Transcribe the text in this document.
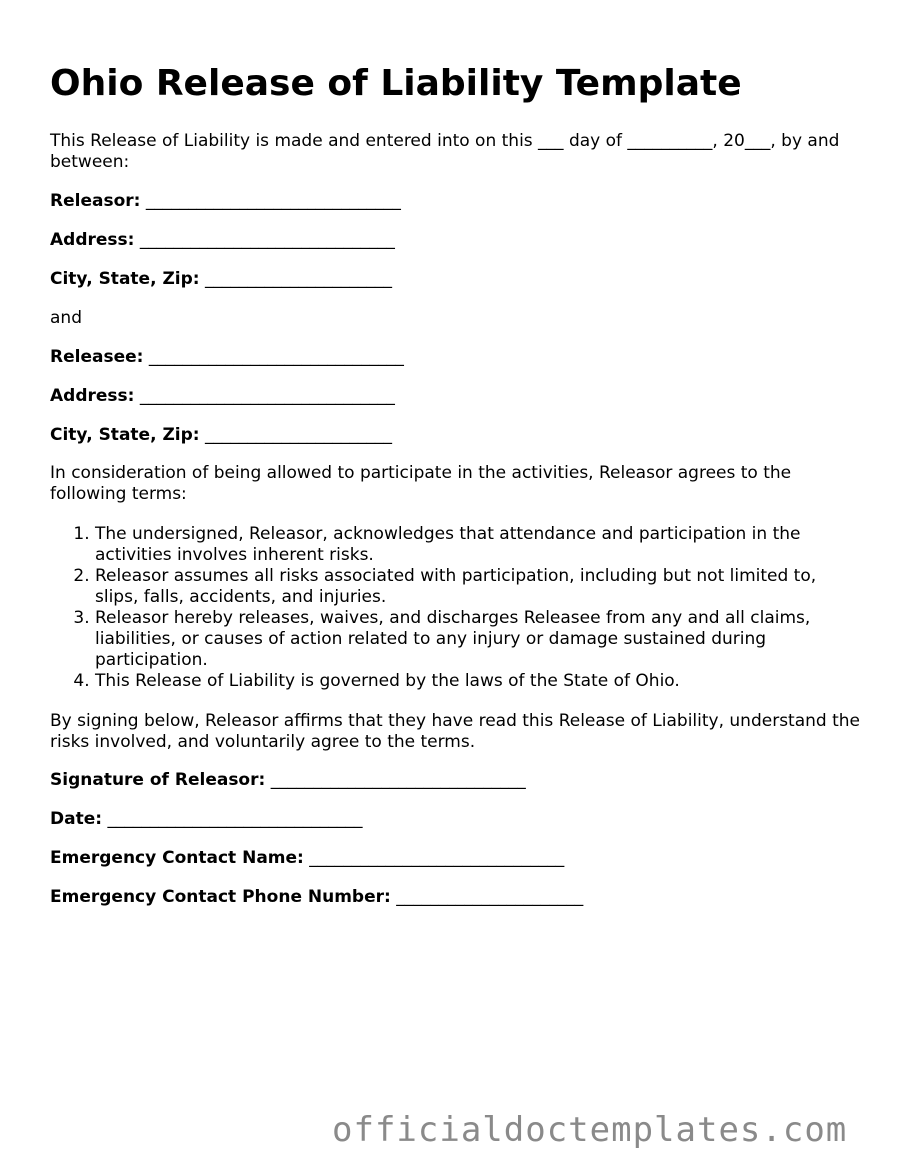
Ohio Release of Liability Template

This Release of Liability is made and entered into on this ___ day of __________, 20___, by and between:

Releasor: ______________________________

Address: ______________________________

City, State, Zip: ______________________

and

Releasee: ______________________________

Address: ______________________________

City, State, Zip: ______________________

In consideration of being allowed to participate in the activities, Releasor agrees to the following terms:

1. The undersigned, Releasor, acknowledges that attendance and participation in the activities involves inherent risks.
2. Releasor assumes all risks associated with participation, including but not limited to, slips, falls, accidents, and injuries.
3. Releasor hereby releases, waives, and discharges Releasee from any and all claims, liabilities, or causes of action related to any injury or damage sustained during participation.
4. This Release of Liability is governed by the laws of the State of Ohio.

By signing below, Releasor affirms that they have read this Release of Liability, understand the risks involved, and voluntarily agree to the terms.

Signature of Releasor: ______________________________

Date: ______________________________

Emergency Contact Name: ______________________________

Emergency Contact Phone Number: ______________________

officialdoctemplates.com
